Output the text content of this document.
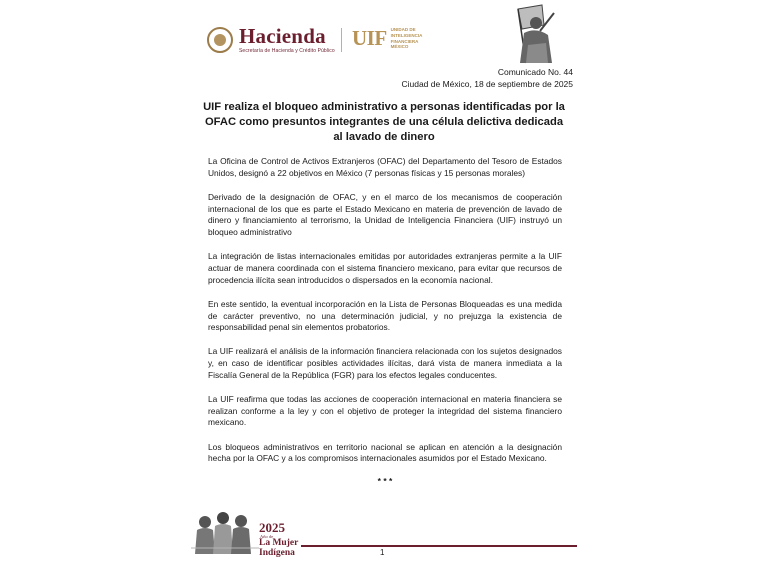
Hacienda
Secretaría de Hacienda y Crédito Público
UIF UNIDAD DE
INTELIGENCIA
FINANCIERA
MÉXICO
Comunicado No. 44
Ciudad de México, 18 de septiembre de 2025
UIF realiza el bloqueo administrativo a personas identificadas por la OFAC como presuntos integrantes de una célula delictiva dedicada al lavado de dinero

La Oficina de Control de Activos Extranjeros (OFAC) del Departamento del Tesoro de Estados Unidos, designó a 22 objetivos en México (7 personas físicas y 15 personas morales)

Derivado de la designación de OFAC, y en el marco de los mecanismos de cooperación internacional de los que es parte el Estado Mexicano en materia de prevención de lavado de dinero y financiamiento al terrorismo, la Unidad de Inteligencia Financiera (UIF) instruyó un bloqueo administrativo

La integración de listas internacionales emitidas por autoridades extranjeras permite a la UIF actuar de manera coordinada con el sistema financiero mexicano, para evitar que recursos de procedencia ilícita sean introducidos o dispersados en la economía nacional.

En este sentido, la eventual incorporación en la Lista de Personas Bloqueadas es una medida de carácter preventivo, no una determinación judicial, y no prejuzga la existencia de responsabilidad penal sin elementos probatorios.

La UIF realizará el análisis de la información financiera relacionada con los sujetos designados y, en caso de identificar posibles actividades ilícitas, dará vista de manera inmediata a la Fiscalía General de la República (FGR) para los efectos legales conducentes.

La UIF reafirma que todas las acciones de cooperación internacional en materia financiera se realizan conforme a la ley y con el objetivo de proteger la integridad del sistema financiero mexicano.

Los bloqueos administrativos en territorio nacional se aplican en atención a la designación hecha por la OFAC y a los compromisos internacionales asumidos por el Estado Mexicano.

* * *
2025
Año de
La Mujer
Indígena	1
